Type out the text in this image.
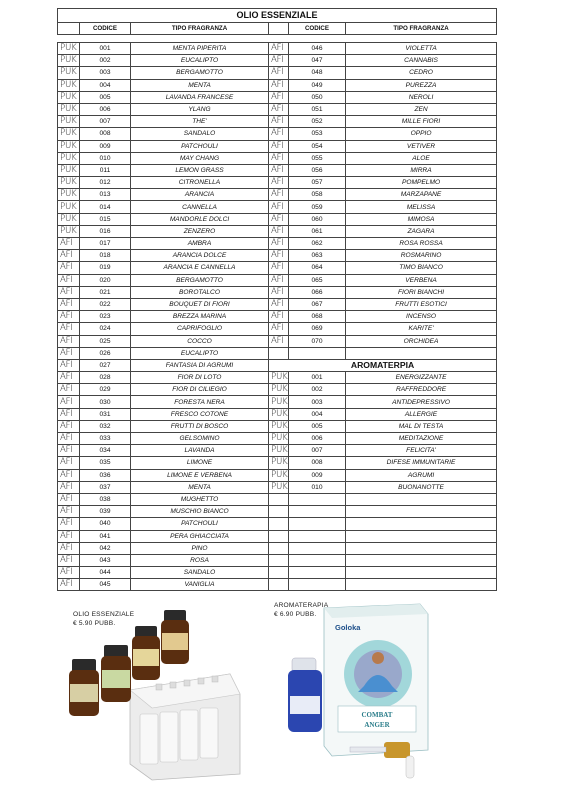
OLIO ESSENZIALE					
	CODICE	TIPO FRAGRANZA		CODICE	TIPO FRAGRANZA

PUK	001	MENTA PIPERITA	AFI	046	VIOLETTA
PUK	002	EUCALIPTO	AFI	047	CANNABIS
PUK	003	BERGAMOTTO	AFI	048	CEDRO
PUK	004	MENTA	AFI	049	PUREZZA
PUK	005	LAVANDA FRANCESE	AFI	050	NEROLI
PUK	006	YLANG	AFI	051	ZEN
PUK	007	THE'	AFI	052	MILLE FIORI
PUK	008	SANDALO	AFI	053	OPPIO
PUK	009	PATCHOULI	AFI	054	VETIVER
PUK	010	MAY CHANG	AFI	055	ALOE
PUK	011	LEMON GRASS	AFI	056	MIRRA
PUK	012	CITRONELLA	AFI	057	POMPELMO
PUK	013	ARANCIA	AFI	058	MARZAPANE
PUK	014	CANNELLA	AFI	059	MELISSA
PUK	015	MANDORLE DOLCI	AFI	060	MIMOSA
PUK	016	ZENZERO	AFI	061	ZAGARA
AFI	017	AMBRA	AFI	062	ROSA ROSSA
AFI	018	ARANCIA DOLCE	AFI	063	ROSMARINO
AFI	019	ARANCIA E CANNELLA	AFI	064	TIMO BIANCO
AFI	020	BERGAMOTTO	AFI	065	VERBENA
AFI	021	BOROTALCO	AFI	066	FIORI BIANCHI
AFI	022	BOUQUET DI FIORI	AFI	067	FRUTTI ESOTICI
AFI	023	BREZZA MARINA	AFI	068	INCENSO
AFI	024	CAPRIFOGLIO	AFI	069	KARITE'
AFI	025	COCCO	AFI	070	ORCHIDEA
AFI	026	EUCALIPTO			
AFI	027	FANTASIA DI AGRUMI	AROMATERPIA		
AFI	028	FIOR DI LOTO	PUK	001	ENERGIZZANTE
AFI	029	FIOR DI CILIEGIO	PUK	002	RAFFREDDORE
AFI	030	FORESTA NERA	PUK	003	ANTIDEPRESSIVO
AFI	031	FRESCO COTONE	PUK	004	ALLERGIE
AFI	032	FRUTTI DI BOSCO	PUK	005	MAL DI TESTA
AFI	033	GELSOMINO	PUK	006	MEDITAZIONE
AFI	034	LAVANDA	PUK	007	FELICITA'
AFI	035	LIMONE	PUK	008	DIFESE IMMUNITARIE
AFI	036	LIMONE E VERBENA	PUK	009	AGRUMI
AFI	037	MENTA	PUK	010	BUONANOTTE
AFI	038	MUGHETTO			
AFI	039	MUSCHIO BIANCO			
AFI	040	PATCHOULI			
AFI	041	PERA GHIACCIATA			
AFI	042	PINO			
AFI	043	ROSA			
AFI	044	SANDALO			
AFI	045	VANIGLIA			
OLIO ESSENZIALE
€ 5.90 PUBB.
AROMATERAPIA
€ 6.90 PUBB.
Goloka
COMBAT
ANGER
